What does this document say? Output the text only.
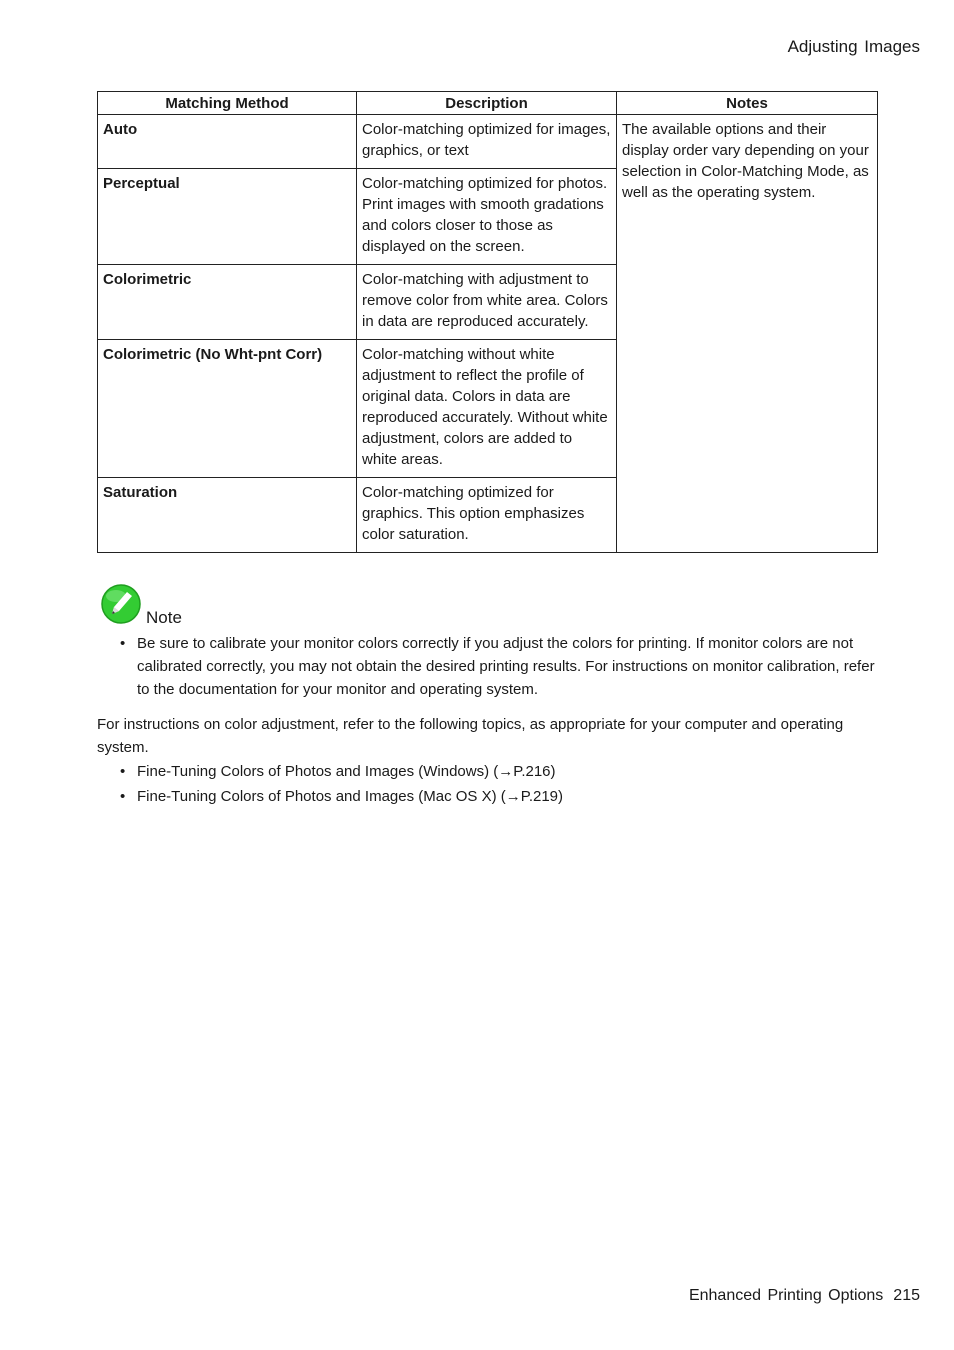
Adjusting Images
Matching Method	Description	Notes
Auto	Color-matching optimized for images, graphics, or text	The available options and their display order vary depending on your selection in Color-Matching Mode, as well as the operating system.
Perceptual	Color-matching optimized for photos. Print images with smooth gradations and colors closer to those as displayed on the screen.	
Colorimetric	Color-matching with adjustment to remove color from white area. Colors in data are reproduced accurately.	
Colorimetric (No Wht-pnt Corr)	Color-matching without white adjustment to reflect the profile of original data. Colors in data are reproduced accurately. Without white adjustment, colors are added to white areas.	
Saturation	Color-matching optimized for graphics. This option emphasizes color saturation.	
Note
• Be sure to calibrate your monitor colors correctly if you adjust the colors for printing. If monitor colors are not calibrated correctly, you may not obtain the desired printing results. For instructions on monitor calibration, refer to the documentation for your monitor and operating system.
For instructions on color adjustment, refer to the following topics, as appropriate for your computer and operating system.
• Fine-Tuning Colors of Photos and Images (Windows) (→P.216)
• Fine-Tuning Colors of Photos and Images (Mac OS X) (→P.219)
Enhanced Printing Options 215
